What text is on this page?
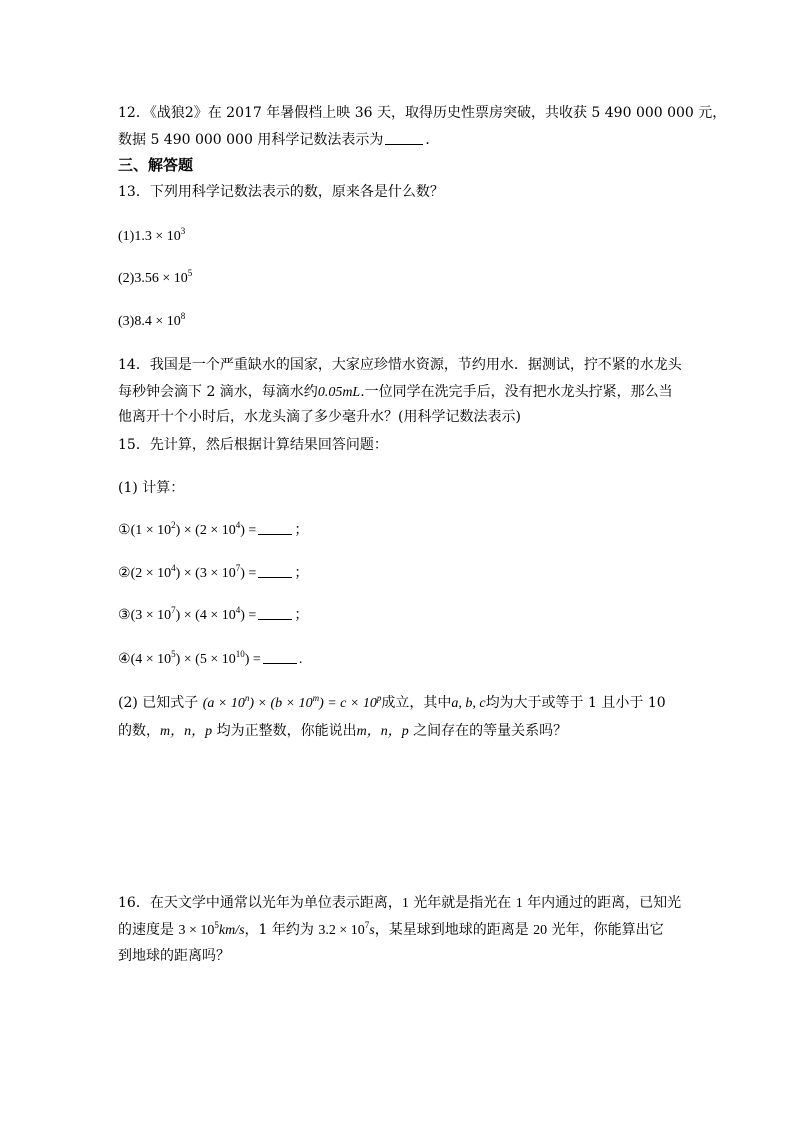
12．《战狼2》在 2017 年暑假档上映 36 天，取得历史性票房突破，共收获 5 490 000 000 元，
数据 5 490 000 000 用科学记数法表示为	．
三、解答题
13．下列用科学记数法表示的数，原来各是什么数？
$(1)1.3 \times 10^3$
$(2)3.56 \times 10^5$
$(3)8.4 \times 10^8$
14．我国是一个严重缺水的国家，大家应珍惜水资源，节约用水．据测试，拧不紧的水龙头
每秒钟会滴下 2 滴水，每滴水约0.05mL.一位同学在洗完手后，没有把水龙头拧紧，那么当
他离开十个小时后，水龙头滴了多少毫升水？(用科学记数法表示)
15．先计算，然后根据计算结果回答问题：
(1) 计算：
①(1 × $10^2) \times (2 \times 10^4)$ =	；
②(2 × $10^4) \times (3 \times 10^7)$ =	；
③(3 × $10^7) \times (4 \times 10^4)$ =	；
④(4 × $10^5) \times (5 \times 10^{10})$ =	.
(2) 已知式子 $(a \times 10^n) \times (b \times 10^m) = c \times 10^p$成立，其中a, b, c均为大于或等于 1 且小于 10
的数，m，n，p 均为正整数，你能说出m，n，p 之间存在的等量关系吗？
16．在天文学中通常以光年为单位表示距离，1 光年就是指光在 1 年内通过的距离，已知光
的速度是 $3 \times 10^5km/s$，1 年约为 $3.2 \times 10^7s$，某星球到地球的距离是 20 光年，你能算出它
到地球的距离吗？
